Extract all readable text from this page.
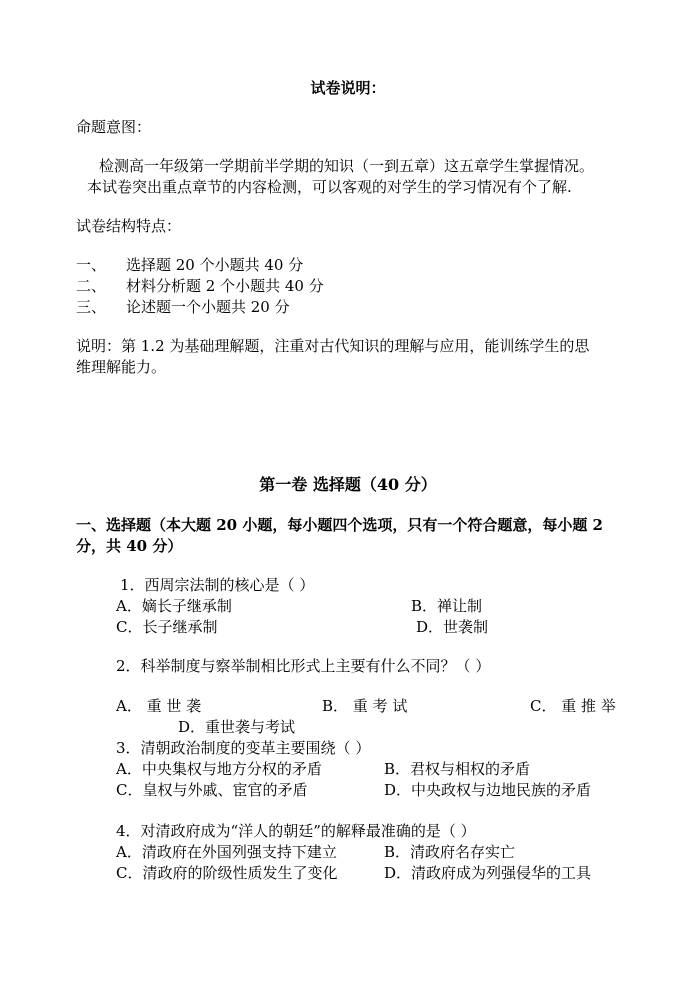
试卷说明：
命题意图：
检测高一年级第一学期前半学期的知识（一到五章）这五章学生掌握情况。
本试卷突出重点章节的内容检测，可以客观的对学生的学习情况有个了解.
试卷结构特点：
一、 选择题 20 个小题共 40 分
二、 材料分析题 2 个小题共 40 分
三、 论述题一个小题共 20 分
说明：第 1.2 为基础理解题，注重对古代知识的理解与应用，能训练学生的思
维理解能力。
第一卷 选择题（40 分）
一、选择题（本大题 20 小题，每小题四个选项，只有一个符合题意，每小题 2
分，共 40 分）
1．西周宗法制的核心是（ ）
A．嫡长子继承制	B．禅让制
C．长子继承制	D．世袭制
2．科举制度与察举制相比形式上主要有什么不同？（ ）
A． 重 世 袭	B． 重 考 试	C． 重 推 举
D．重世袭与考试
3．清朝政治制度的变革主要围绕（ ）
A．中央集权与地方分权的矛盾	B．君权与相权的矛盾
C．皇权与外戚、宦官的矛盾	D．中央政权与边地民族的矛盾
4．对清政府成为“洋人的朝廷”的解释最准确的是（ ）
A．清政府在外国列强支持下建立	B．清政府名存实亡
C．清政府的阶级性质发生了变化	D．清政府成为列强侵华的工具
